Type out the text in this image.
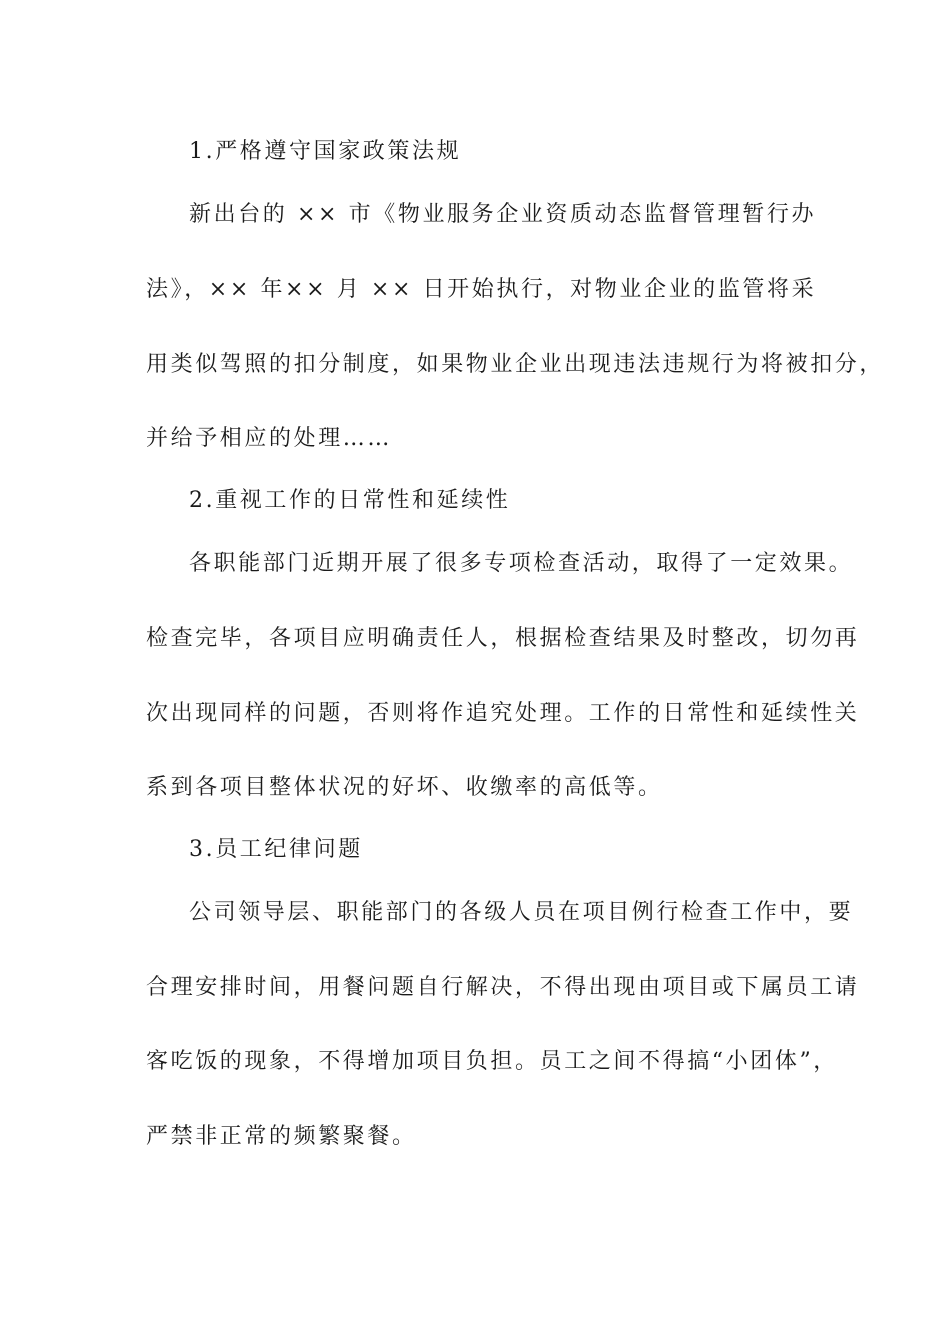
1.严格遵守国家政策法规
新出台的 ×× 市《物业服务企业资质动态监督管理暂行办
法》，×× 年×× 月 ×× 日开始执行，对物业企业的监管将采
用类似驾照的扣分制度，如果物业企业出现违法违规行为将被扣分，
并给予相应的处理……
2.重视工作的日常性和延续性
各职能部门近期开展了很多专项检查活动，取得了一定效果。
检查完毕，各项目应明确责任人，根据检查结果及时整改，切勿再
次出现同样的问题，否则将作追究处理。工作的日常性和延续性关
系到各项目整体状况的好坏、收缴率的高低等。
3.员工纪律问题
公司领导层、职能部门的各级人员在项目例行检查工作中，要
合理安排时间，用餐问题自行解决，不得出现由项目或下属员工请
客吃饭的现象，不得增加项目负担。员工之间不得搞“小团体”，
严禁非正常的频繁聚餐。
